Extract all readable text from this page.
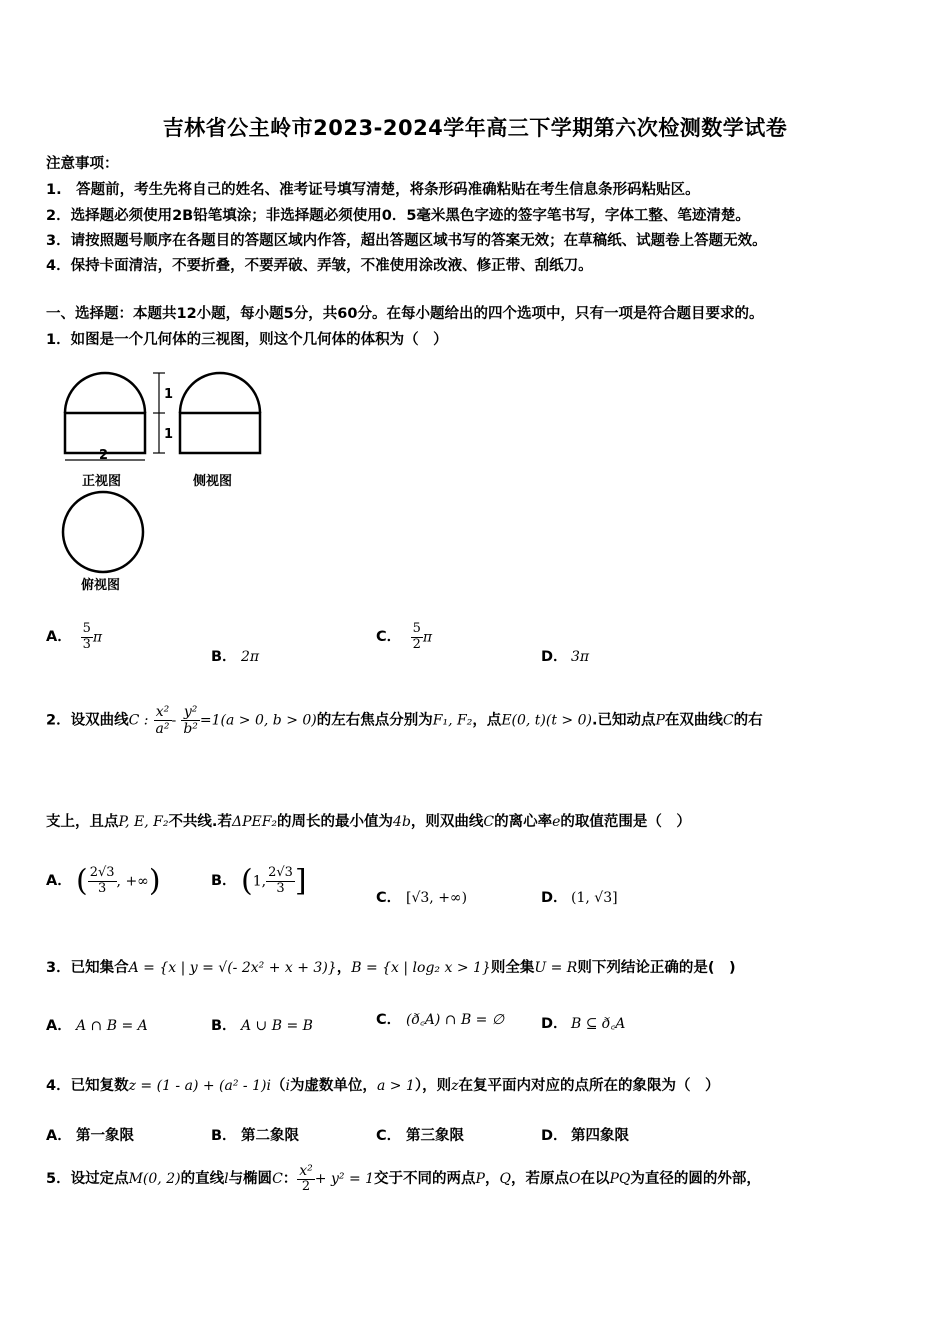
吉林省公主岭市2023-2024学年高三下学期第六次检测数学试卷
注意事项：
1.　答题前，考生先将自己的姓名、准考证号填写清楚，将条形码准确粘贴在考生信息条形码粘贴区。
2．选择题必须使用2B铅笔填涂；非选择题必须使用0．5毫米黑色字迹的签字笔书写，字体工整、笔迹清楚。
3．请按照题号顺序在各题目的答题区域内作答，超出答题区域书写的答案无效；在草稿纸、试题卷上答题无效。
4．保持卡面清洁，不要折叠，不要弄破、弄皱，不准使用涂改液、修正带、刮纸刀。
一、选择题：本题共12小题，每小题5分，共60分。在每小题给出的四个选项中，只有一项是符合题目要求的。
1．如图是一个几何体的三视图，则这个几何体的体积为（　）
2
1
1
正视图	侧视图
俯视图
A． $\frac{5}{3}$ π
B． 2π
C． $\frac{5}{2}$ π
D． 3π
2．设双曲线C : $\frac{\text{x²}}{\text{a²}} - \frac{\text{y²}}{\text{b²}} =1(a > 0$, b > 0)的左右焦点分别为F₁, F₂，点E(0, t)(t > 0).已知动点P在双曲线C的右
支上，且点P, E, F₂不共线.若ΔPEF₂的周长的最小值为4b，则双曲线C的离心率e的取值范围是（　）
A． ( $\frac{2√3}{3}$ , +∞)	B． (1, $\frac{2√3}{3}$ ]	C． [√3, +∞)	D． (1, √3]
3．已知集合A = {x | y = √(- 2x² + x + 3)}，B = {x | log₂ x > 1}则全集U = R则下列结论正确的是(　)
A． A ∩ B = A	B． A ∪ B = B	C． (ð꜀A) ∩ B = ∅	D． B ⊆ ð꜀A
4．已知复数z = (1 - a) + (a² - 1)i（i为虚数单位，a > 1），则z在复平面内对应的点所在的象限为（　）
A． 第一象限	B． 第二象限	C． 第三象限	D． 第四象限
5．设过定点M(0, 2)的直线l与椭圆C： $\frac{\text{x²}}{2} + y^2 = 1$交于不同的两点P，Q，若原点O在以PQ为直径的圆的外部，
